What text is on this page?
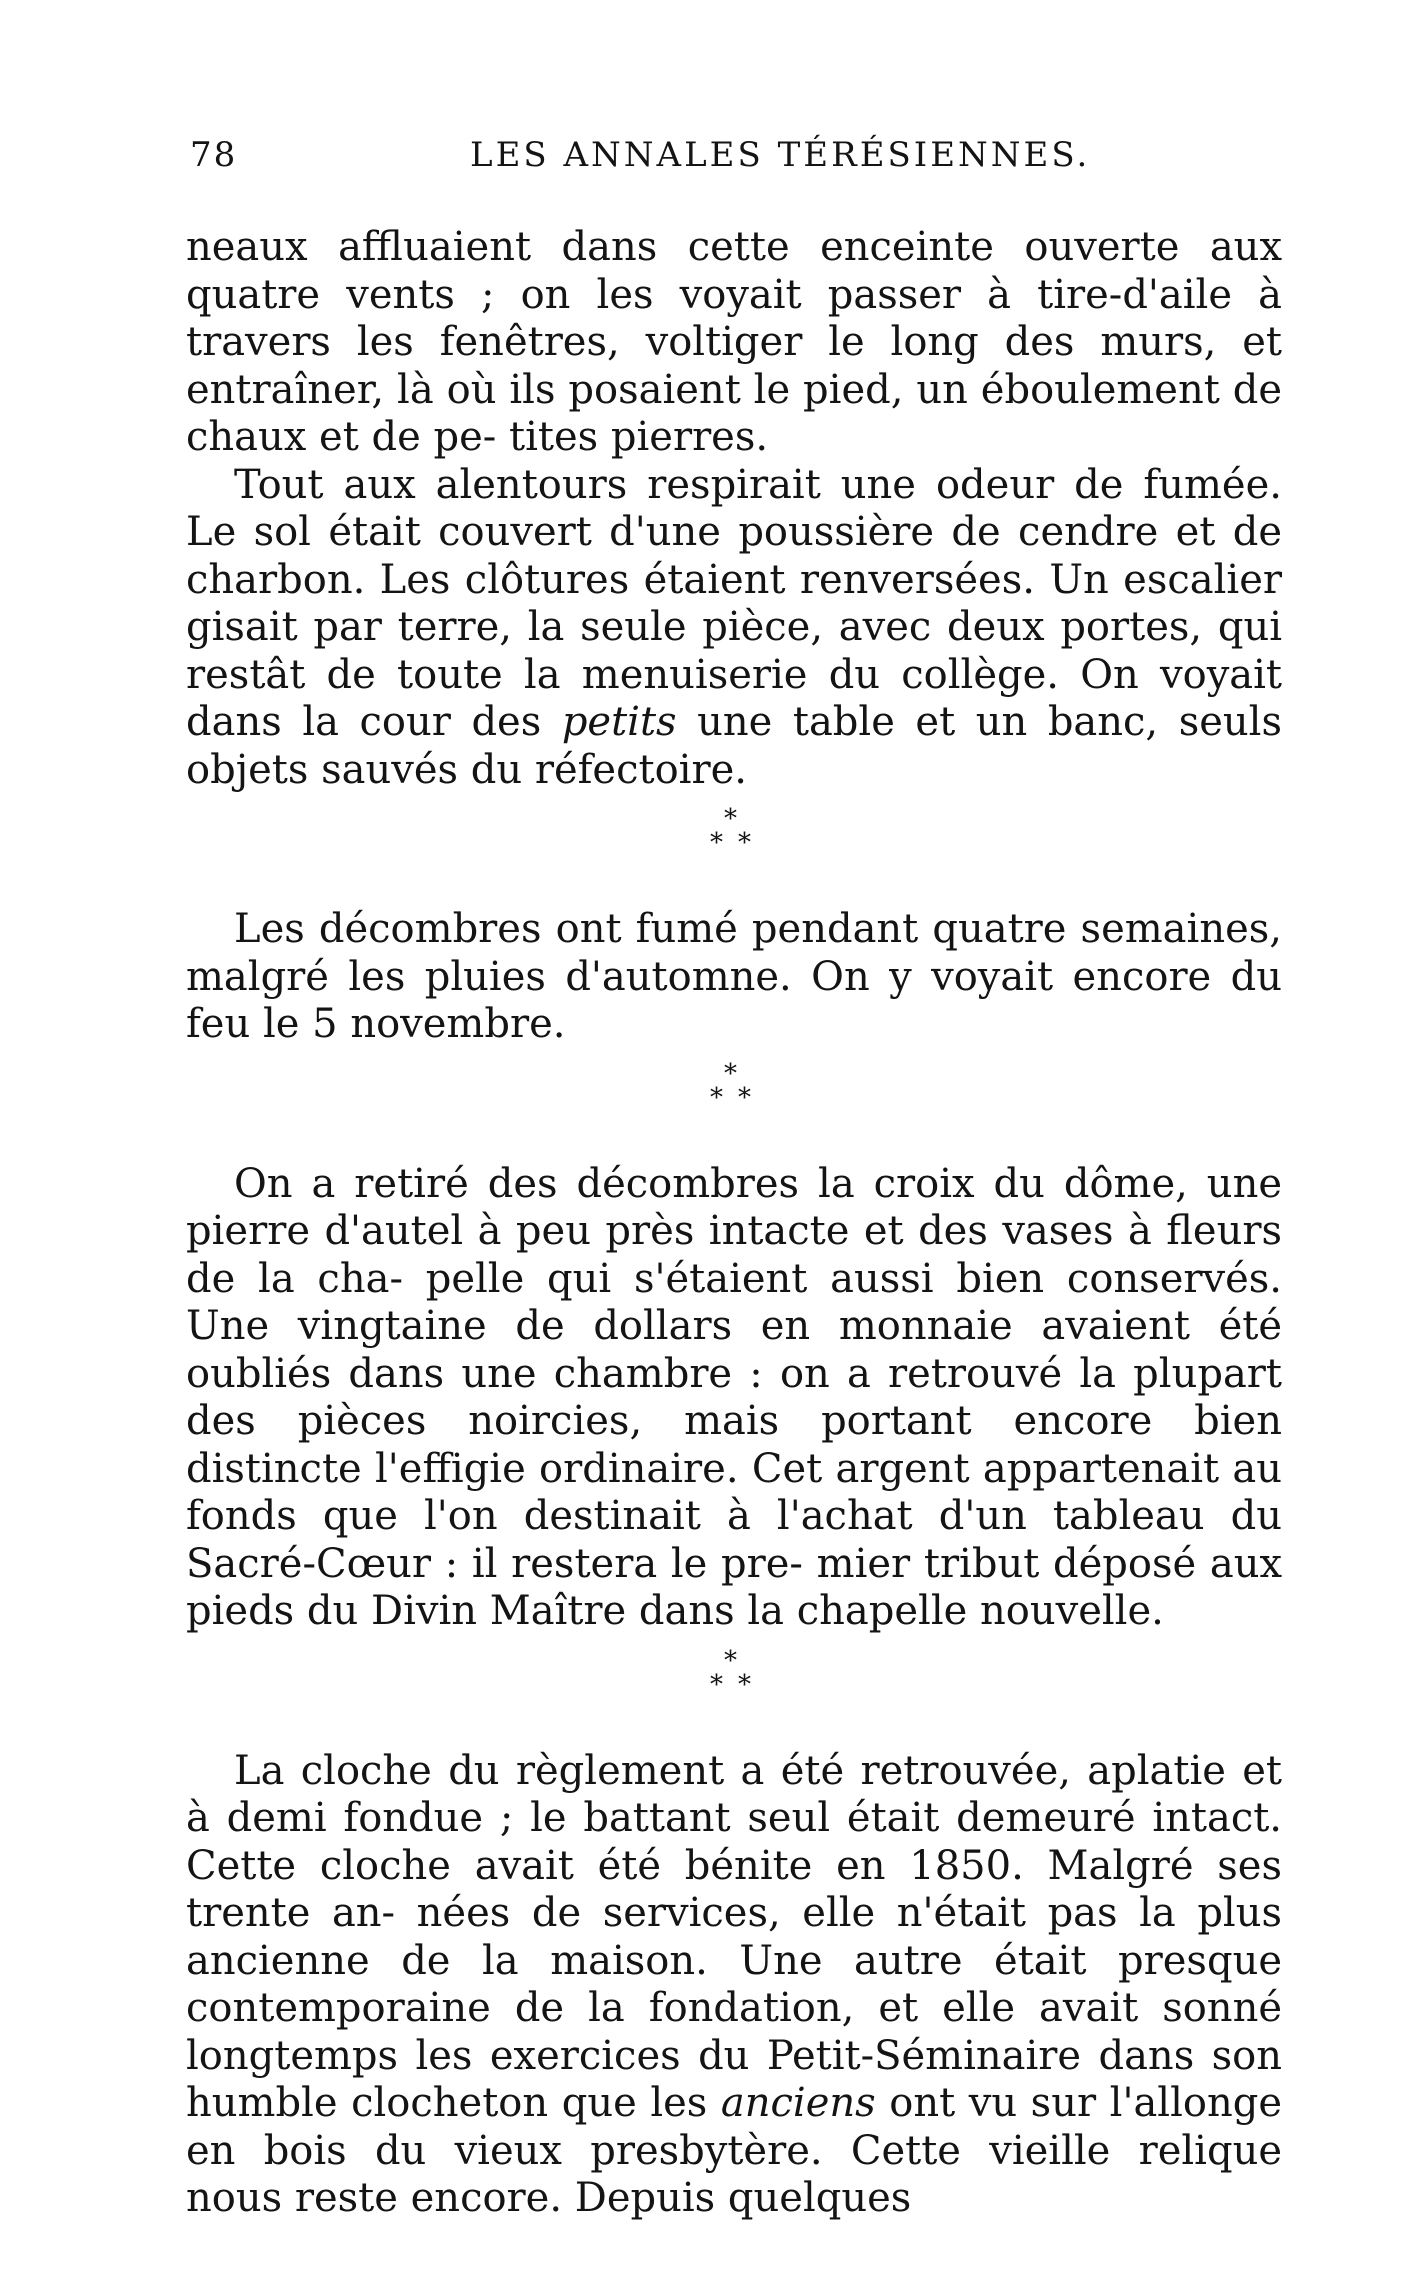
78	LES ANNALES TÉRÉSIENNES.

neaux affluaient dans cette enceinte ouverte aux quatre vents ; on les voyait passer à tire-d'aile à travers les fenêtres, voltiger le long des murs, et entraîner, là où ils posaient le pied, un éboulement de chaux et de pe- tites pierres.

Tout aux alentours respirait une odeur de fumée. Le sol était couvert d'une poussière de cendre et de charbon. Les clôtures étaient renversées. Un escalier gisait par terre, la seule pièce, avec deux portes, qui restât de toute la menuiserie du collège. On voyait dans la cour des petits une table et un banc, seuls objets sauvés du réfectoire.

*
* *

Les décombres ont fumé pendant quatre semaines, malgré les pluies d'automne. On y voyait encore du feu le 5 novembre.

*
* *

On a retiré des décombres la croix du dôme, une pierre d'autel à peu près intacte et des vases à fleurs de la cha- pelle qui s'étaient aussi bien conservés. Une vingtaine de dollars en monnaie avaient été oubliés dans une chambre : on a retrouvé la plupart des pièces noircies, mais portant encore bien distincte l'effigie ordinaire. Cet argent appartenait au fonds que l'on destinait à l'achat d'un tableau du Sacré-Cœur : il restera le pre- mier tribut déposé aux pieds du Divin Maître dans la chapelle nouvelle.

*
* *

La cloche du règlement a été retrouvée, aplatie et à demi fondue ; le battant seul était demeuré intact. Cette cloche avait été bénite en 1850. Malgré ses trente an- nées de services, elle n'était pas la plus ancienne de la maison. Une autre était presque contemporaine de la fondation, et elle avait sonné longtemps les exercices du Petit-Séminaire dans son humble clocheton que les anciens ont vu sur l'allonge en bois du vieux presbytère. Cette vieille relique nous reste encore. Depuis quelques
